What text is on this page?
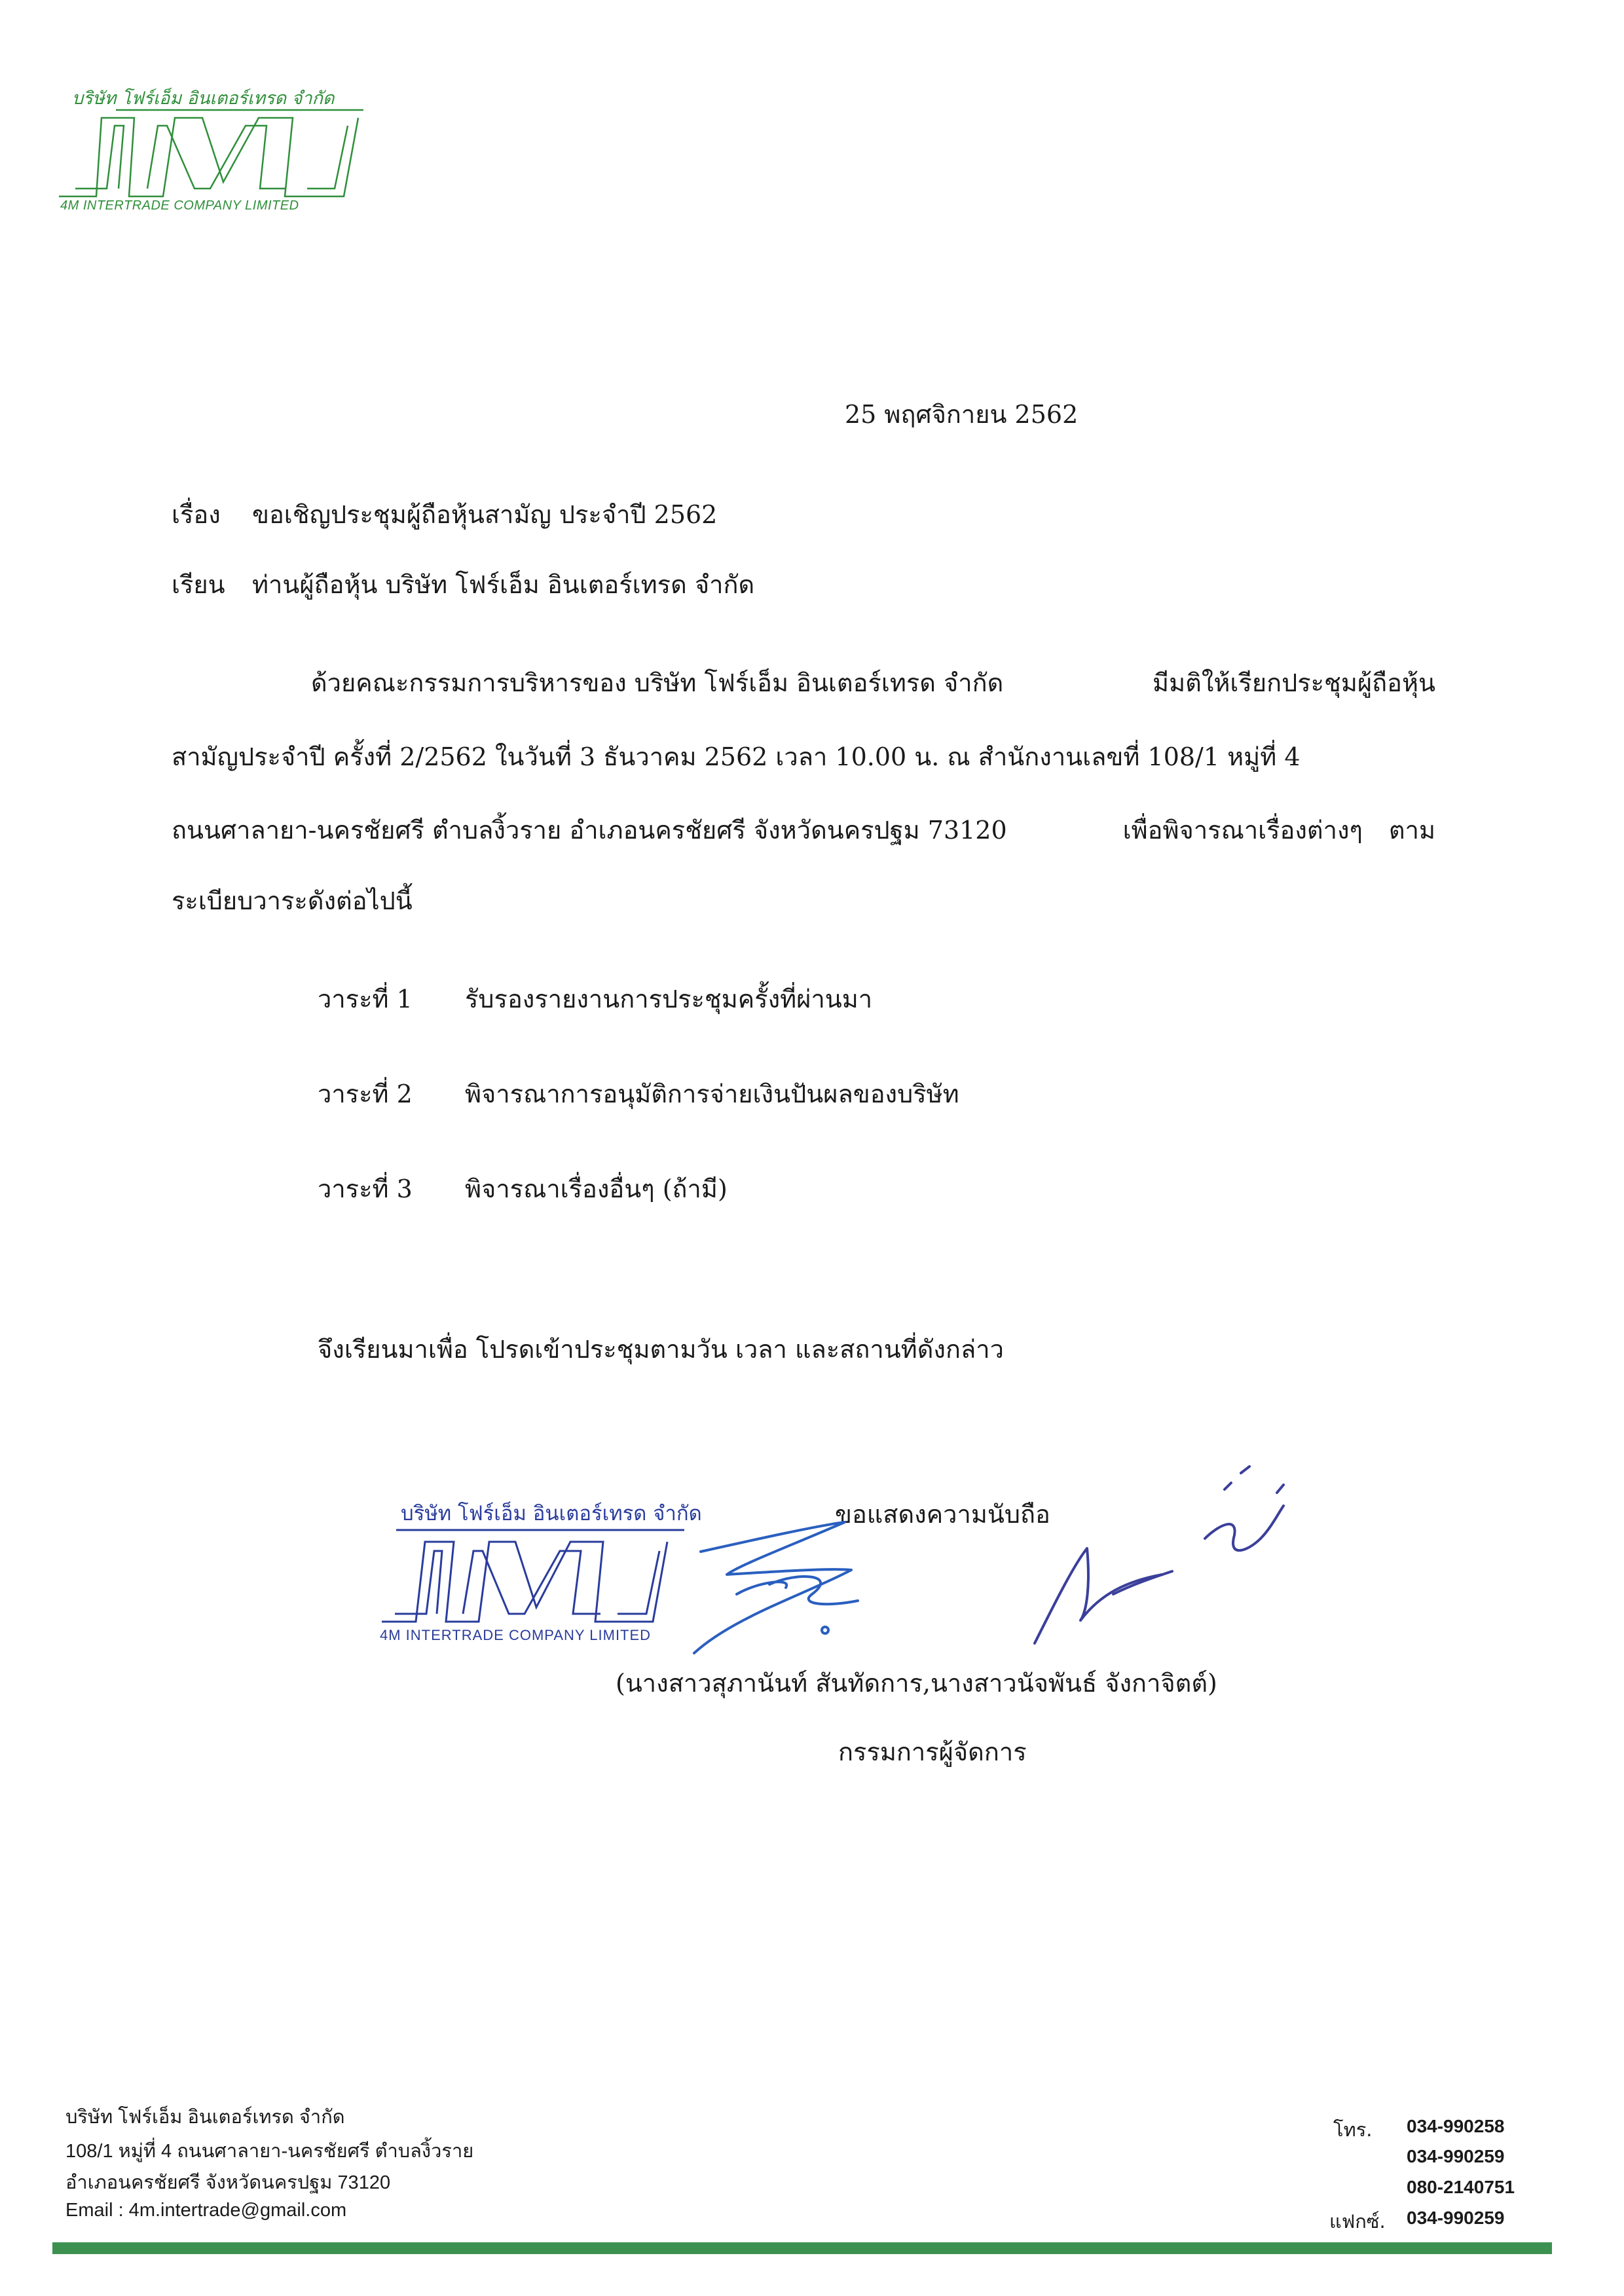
บริษัท โฟร์เอ็ม อินเตอร์เทรด จำกัด
4M INTERTRADE COMPANY LIMITED
25 พฤศจิกายน 2562
เรื่อง ขอเชิญประชุมผู้ถือหุ้นสามัญ ประจำปี 2562
เรียน ท่านผู้ถือหุ้น บริษัท โฟร์เอ็ม อินเตอร์เทรด จำกัด
ด้วยคณะกรรมการบริหารของ บริษัท โฟร์เอ็ม อินเตอร์เทรด จำกัด	มีมติให้เรียกประชุมผู้ถือหุ้น
สามัญประจำปี ครั้งที่ 2/2562 ในวันที่ 3 ธันวาคม 2562 เวลา 10.00 น. ณ สำนักงานเลขที่ 108/1 หมู่ที่ 4
ถนนศาลายา-นครชัยศรี ตำบลงิ้วราย อำเภอนครชัยศรี จังหวัดนครปฐม 73120	เพื่อพิจารณาเรื่องต่างๆ ตาม
ระเบียบวาระดังต่อไปนี้
วาระที่ 1 รับรองรายงานการประชุมครั้งที่ผ่านมา
วาระที่ 2 พิจารณาการอนุมัติการจ่ายเงินปันผลของบริษัท
วาระที่ 3 พิจารณาเรื่องอื่นๆ (ถ้ามี)
จึงเรียนมาเพื่อ โปรดเข้าประชุมตามวัน เวลา และสถานที่ดังกล่าว
ขอแสดงความนับถือ
บริษัท โฟร์เอ็ม อินเตอร์เทรด จำกัด
4M INTERTRADE COMPANY LIMITED
(นางสาวสุภานันท์ สันทัดการ,นางสาวนัจพันธ์ จังกาจิตต์)
กรรมการผู้จัดการ
บริษัท โฟร์เอ็ม อินเตอร์เทรด จำกัด
108/1 หมู่ที่ 4 ถนนศาลายา-นครชัยศรี ตำบลงิ้วราย
อำเภอนครชัยศรี จังหวัดนครปฐม 73120
Email : 4m.intertrade@gmail.com
โทร.	034-990258
034-990259
080-2140751
แฟกซ์.	034-990259
